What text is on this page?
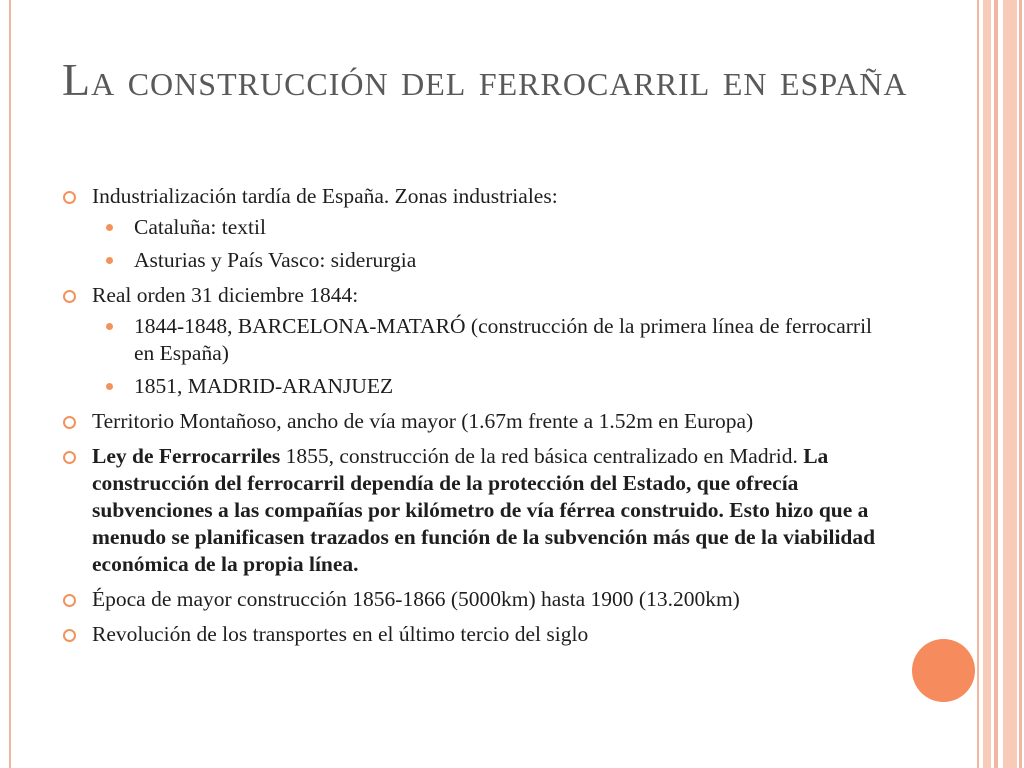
La construcción del ferrocarril en españa
Industrialización tardía de España. Zonas industriales:
Cataluña: textil
Asturias y País Vasco: siderurgia
Real orden 31 diciembre 1844:
1844-1848, BARCELONA-MATARÓ (construcción de la primera línea de ferrocarril en España)
1851, MADRID-ARANJUEZ
Territorio Montañoso, ancho de vía mayor (1.67m frente a 1.52m en Europa)
Ley de Ferrocarriles 1855, construcción de la red básica centralizado en Madrid. La construcción del ferrocarril dependía de la protección del Estado, que ofrecía subvenciones a las compañías por kilómetro de vía férrea construido. Esto hizo que a menudo se planificasen trazados en función de la subvención más que de la viabilidad económica de la propia línea.
Época de mayor construcción 1856-1866 (5000km) hasta 1900 (13.200km)
Revolución de los transportes en el último tercio del siglo
